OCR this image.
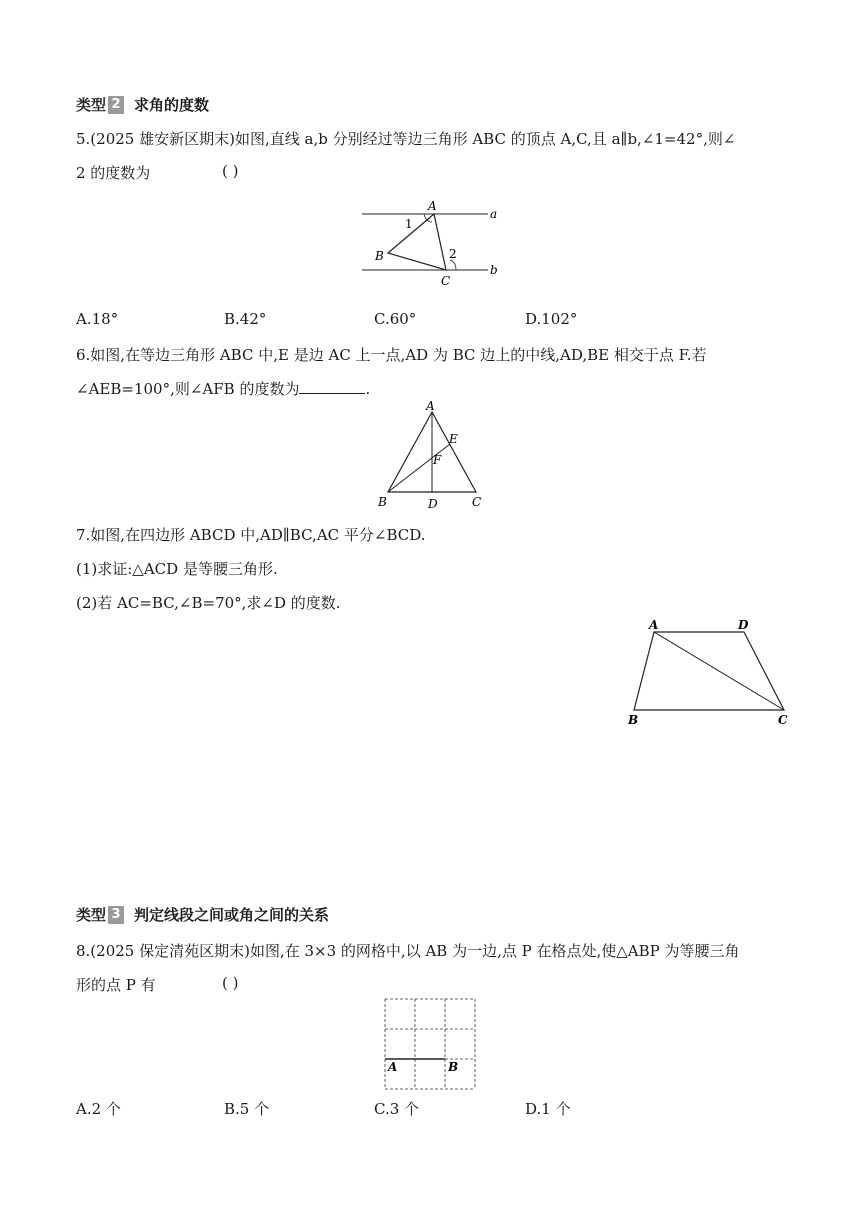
类型 2 求角的度数
5.(2025 雄安新区期末)如图,直线 a,b 分别经过等边三角形 ABC 的顶点 A,C,且 a∥b,∠1=42°,则∠
2 的度数为	( )
A
B
C
a
b
1
2
A.18°	B.42°	C.60°	D.102°
6.如图,在等边三角形 ABC 中,E 是边 AC 上一点,AD 为 BC 边上的中线,AD,BE 相交于点 F.若
∠AEB=100°,则∠AFB 的度数为	.
A
B	C
D
E
F
7.如图,在四边形 ABCD 中,AD∥BC,AC 平分∠BCD.
(1)求证:△ACD 是等腰三角形.
(2)若 AC=BC,∠B=70°,求∠D 的度数.
A	D
B	C
类型 3 判定线段之间或角之间的关系
8.(2025 保定清苑区期末)如图,在 3×3 的网格中,以 AB 为一边,点 P 在格点处,使△ABP 为等腰三角
形的点 P 有	( )
A	B
A.2 个	B.5 个	C.3 个	D.1 个
